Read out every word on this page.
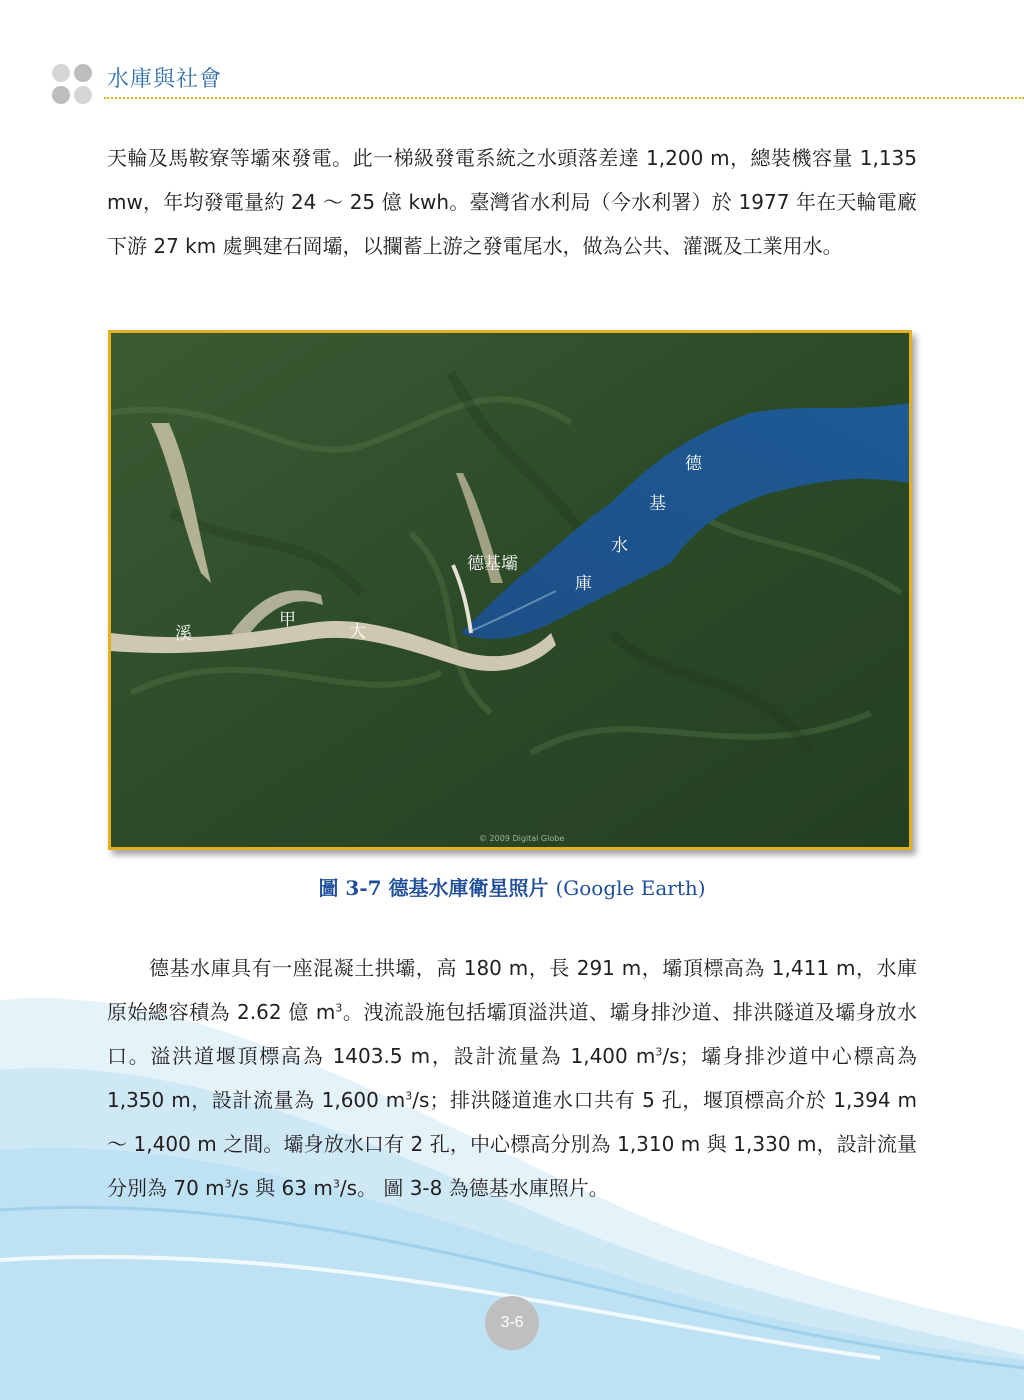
水庫與社會

天輪及馬鞍寮等壩來發電。此一梯級發電系統之水頭落差達 1,200 m，總裝機容量 1,135 mw，年均發電量約 24 ～ 25 億 kwh。臺灣省水利局（今水利署）於 1977 年在天輪電廠下游 27 km 處興建石岡壩，以攔蓄上游之發電尾水，做為公共、灌溉及工業用水。

德
基
水
庫
德基壩
溪
甲
大
© 2009 Digital Globe
圖 3-7 德基水庫衛星照片 (Google Earth)

德基水庫具有一座混凝土拱壩，高 180 m，長 291 m，壩頂標高為 1,411 m，水庫原始總容積為 2.62 億 $m^3$。洩流設施包括壩頂溢洪道、壩身排沙道、排洪隧道及壩身放水口。溢洪道堰頂標高為 1403.5 m，設計流量為 1,400 $m^3/s$；壩身排沙道中心標高為 1,350 m，設計流量為 1,600 $m^3/s$；排洪隧道進水口共有 5 孔，堰頂標高介於 1,394 m ～ 1,400 m 之間。壩身放水口有 2 孔，中心標高分別為 1,310 m 與 1,330 m，設計流量分別為 70 $m^3/s$ 與 63 $m^3/s$。 圖 3-8 為德基水庫照片。

3-6
